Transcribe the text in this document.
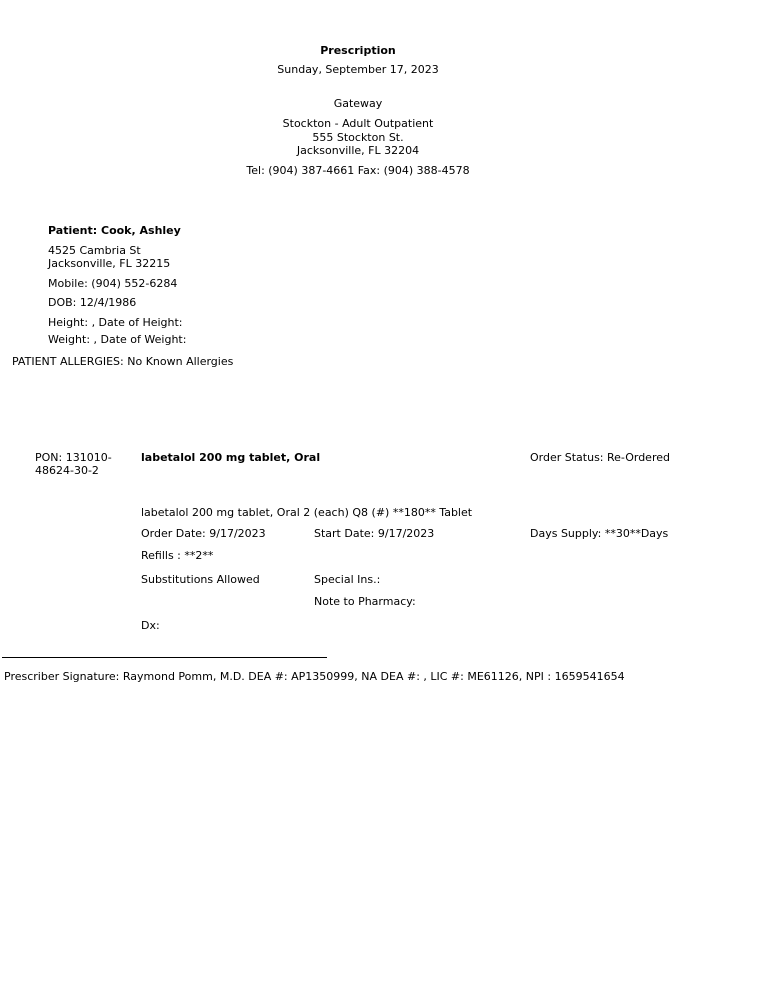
Prescription
Sunday, September 17, 2023
Gateway
Stockton - Adult Outpatient
555 Stockton St.
Jacksonville, FL 32204
Tel: (904) 387-4661 Fax: (904) 388-4578
Patient: Cook, Ashley
4525 Cambria St
Jacksonville, FL 32215
Mobile: (904) 552-6284
DOB: 12/4/1986
Height: , Date of Height:
Weight: , Date of Weight:
PATIENT ALLERGIES: No Known Allergies
PON: 131010-
48624-30-2
labetalol 200 mg tablet, Oral	Order Status: Re-Ordered
labetalol 200 mg tablet, Oral 2 (each) Q8 (#) **180** Tablet
Order Date: 9/17/2023	Start Date: 9/17/2023	Days Supply: **30**Days
Refills : **2**
Substitutions Allowed	Special Ins.:
Note to Pharmacy:
Dx:
Prescriber Signature: Raymond Pomm, M.D. DEA #: AP1350999, NA DEA #: , LIC #: ME61126, NPI : 1659541654
